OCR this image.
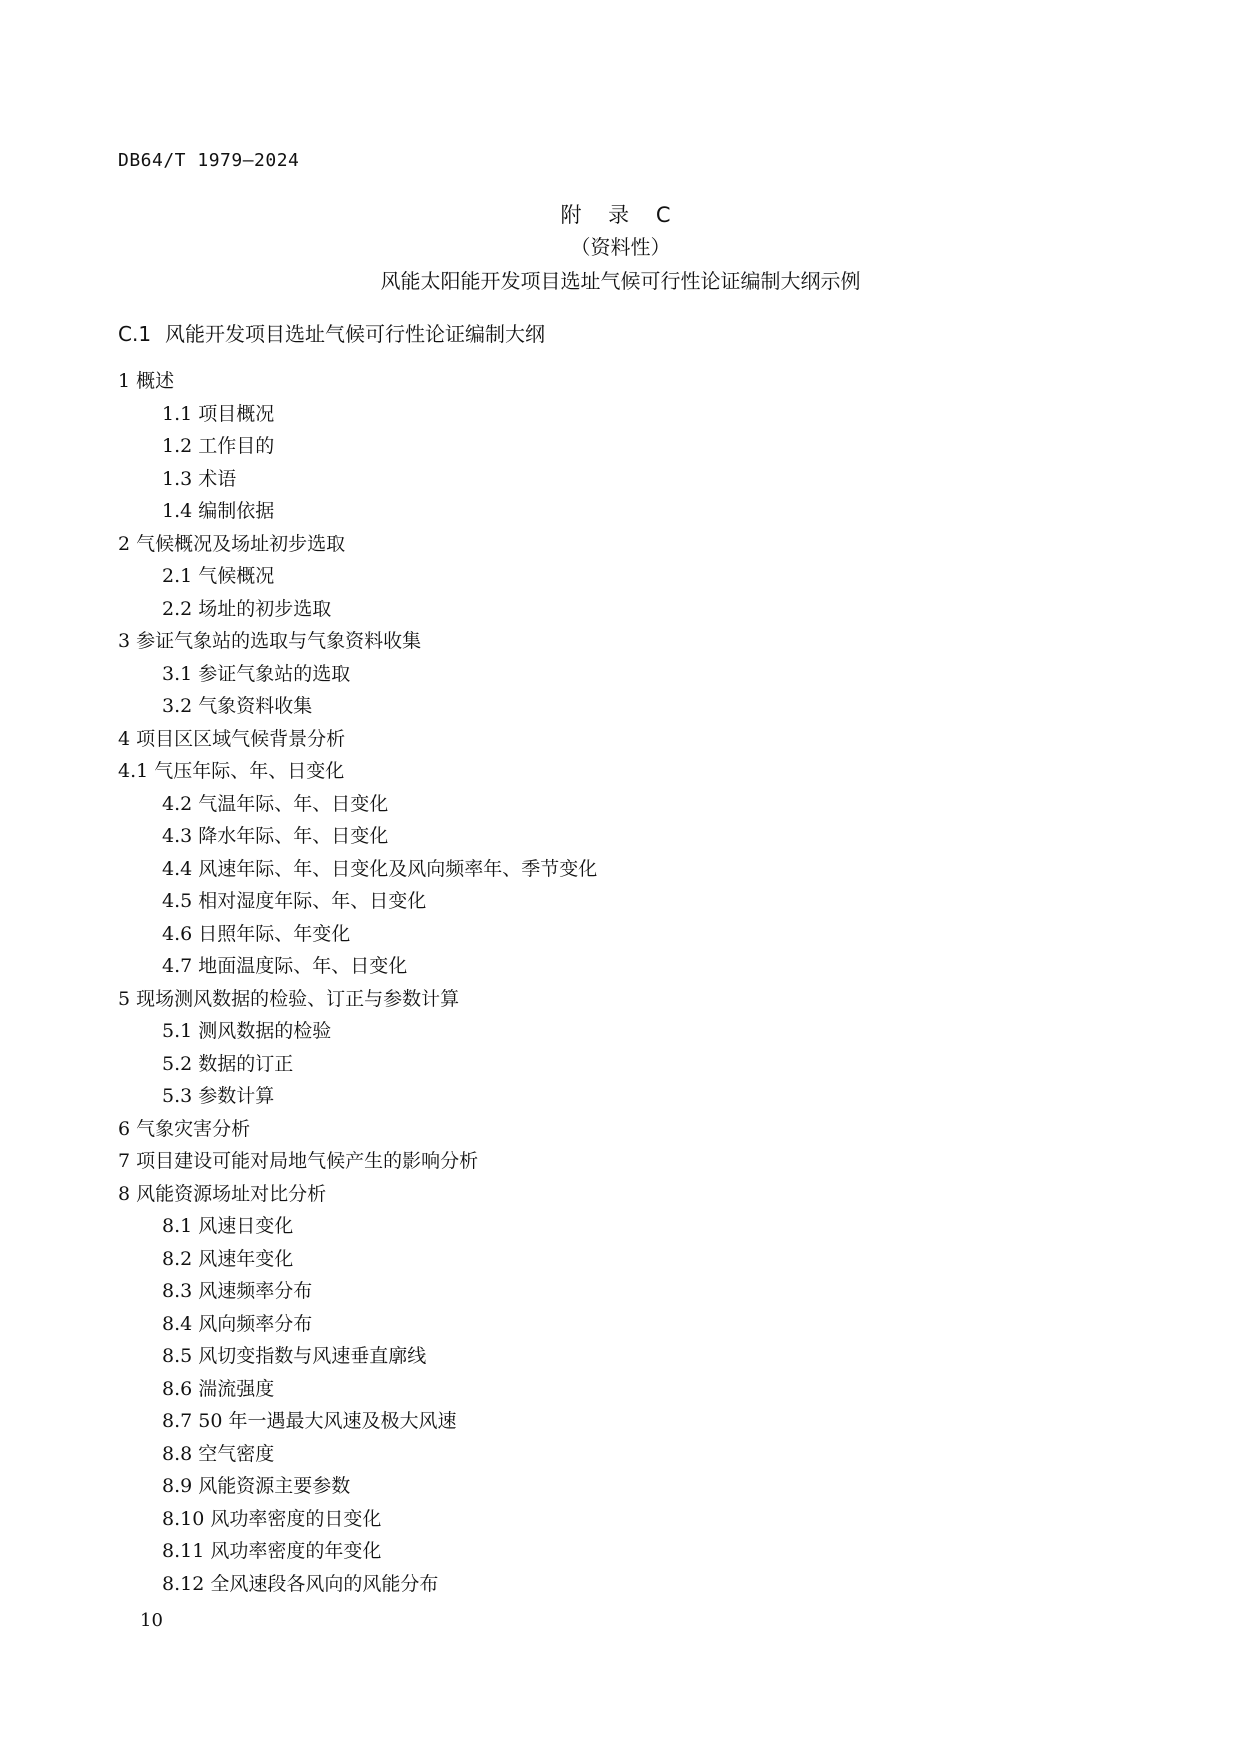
DB64/T 1979—2024
附 录 C
（资料性）
风能太阳能开发项目选址气候可行性论证编制大纲示例
C.1 风能开发项目选址气候可行性论证编制大纲
1 概述
1.1 项目概况
1.2 工作目的
1.3 术语
1.4 编制依据
2 气候概况及场址初步选取
2.1 气候概况
2.2 场址的初步选取
3 参证气象站的选取与气象资料收集
3.1 参证气象站的选取
3.2 气象资料收集
4 项目区区域气候背景分析
4.1 气压年际、年、日变化
4.2 气温年际、年、日变化
4.3 降水年际、年、日变化
4.4 风速年际、年、日变化及风向频率年、季节变化
4.5 相对湿度年际、年、日变化
4.6 日照年际、年变化
4.7 地面温度际、年、日变化
5 现场测风数据的检验、订正与参数计算
5.1 测风数据的检验
5.2 数据的订正
5.3 参数计算
6 气象灾害分析
7 项目建设可能对局地气候产生的影响分析
8 风能资源场址对比分析
8.1 风速日变化
8.2 风速年变化
8.3 风速频率分布
8.4 风向频率分布
8.5 风切变指数与风速垂直廓线
8.6 湍流强度
8.7 50 年一遇最大风速及极大风速
8.8 空气密度
8.9 风能资源主要参数
8.10 风功率密度的日变化
8.11 风功率密度的年变化
8.12 全风速段各风向的风能分布
10
